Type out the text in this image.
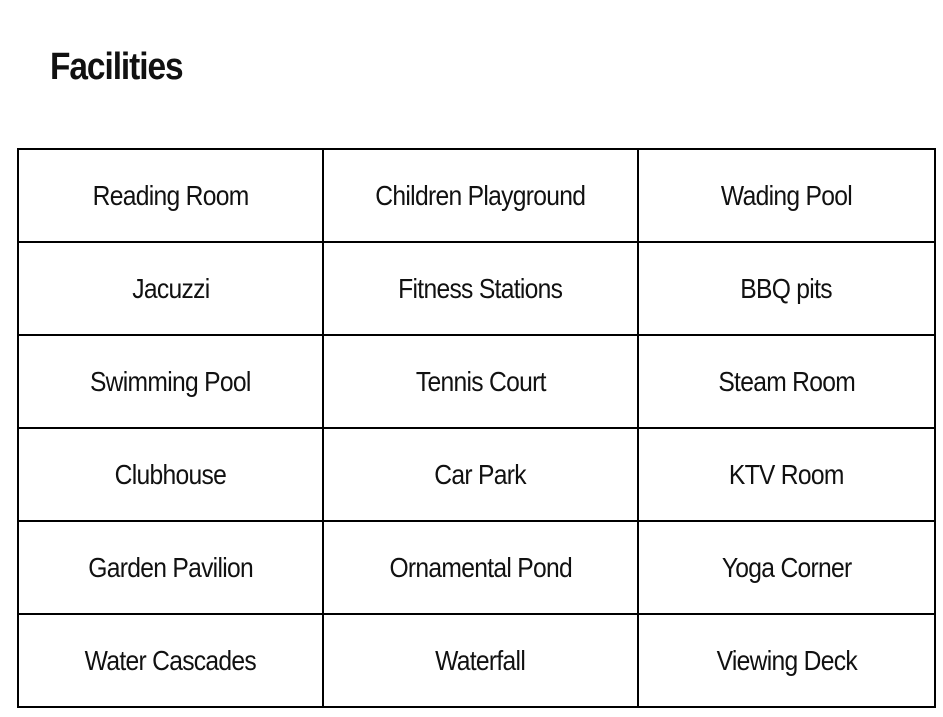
Facilities
Reading Room	Children Playground	Wading Pool
Jacuzzi	Fitness Stations	BBQ pits
Swimming Pool	Tennis Court	Steam Room
Clubhouse	Car Park	KTV Room
Garden Pavilion	Ornamental Pond	Yoga Corner
Water Cascades	Waterfall	Viewing Deck
